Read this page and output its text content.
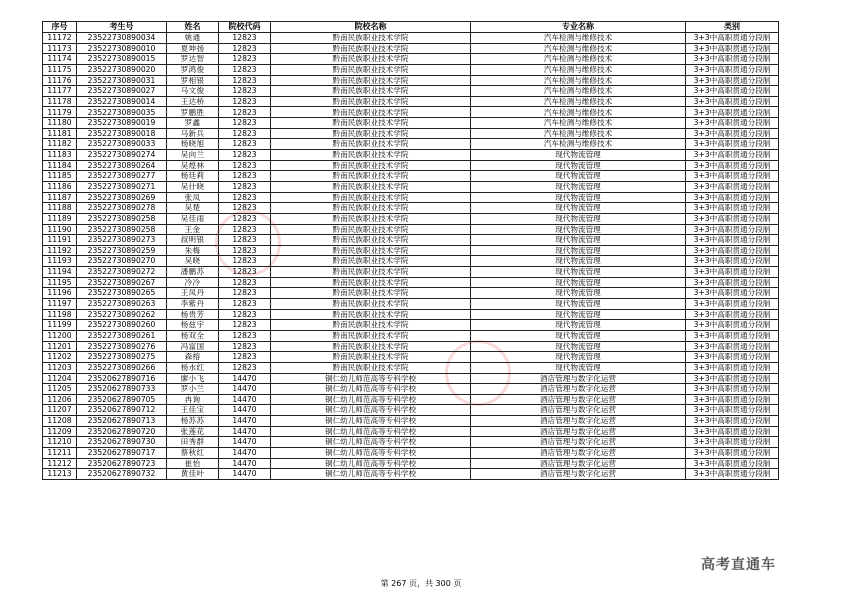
序号	考生号	姓名	院校代码	院校名称	专业名称	类别
11172	23522730890034	姚通	12823	黔南民族职业技术学院	汽车检测与维修技术	3+3中高职贯通分段制
11173	23522730890010	夏坤扬	12823	黔南民族职业技术学院	汽车检测与维修技术	3+3中高职贯通分段制
11174	23522730890015	罗达智	12823	黔南民族职业技术学院	汽车检测与维修技术	3+3中高职贯通分段制
11175	23522730890020	罗鸿俊	12823	黔南民族职业技术学院	汽车检测与维修技术	3+3中高职贯通分段制
11176	23522730890031	罗相银	12823	黔南民族职业技术学院	汽车检测与维修技术	3+3中高职贯通分段制
11177	23522730890027	马文俊	12823	黔南民族职业技术学院	汽车检测与维修技术	3+3中高职贯通分段制
11178	23522730890014	王达桥	12823	黔南民族职业技术学院	汽车检测与维修技术	3+3中高职贯通分段制
11179	23522730890035	罗鹏胜	12823	黔南民族职业技术学院	汽车检测与维修技术	3+3中高职贯通分段制
11180	23522730890019	罗鑫	12823	黔南民族职业技术学院	汽车检测与维修技术	3+3中高职贯通分段制
11181	23522730890018	马新兵	12823	黔南民族职业技术学院	汽车检测与维修技术	3+3中高职贯通分段制
11182	23522730890033	杨晓旭	12823	黔南民族职业技术学院	汽车检测与维修技术	3+3中高职贯通分段制
11183	23522730890274	吴向兰	12823	黔南民族职业技术学院	现代物流管理	3+3中高职贯通分段制
11184	23522730890264	吴煌林	12823	黔南民族职业技术学院	现代物流管理	3+3中高职贯通分段制
11185	23522730890277	杨廷莉	12823	黔南民族职业技术学院	现代物流管理	3+3中高职贯通分段制
11186	23522730890271	吴什晓	12823	黔南民族职业技术学院	现代物流管理	3+3中高职贯通分段制
11187	23522730890269	张凤	12823	黔南民族职业技术学院	现代物流管理	3+3中高职贯通分段制
11188	23522730890278	吴楚	12823	黔南民族职业技术学院	现代物流管理	3+3中高职贯通分段制
11189	23522730890258	吴佳雨	12823	黔南民族职业技术学院	现代物流管理	3+3中高职贯通分段制
11190	23522730890258	王金	12823	黔南民族职业技术学院	现代物流管理	3+3中高职贯通分段制
11191	23522730890273	叔明银	12823	黔南民族职业技术学院	现代物流管理	3+3中高职贯通分段制
11192	23522730890259	朱梅	12823	黔南民族职业技术学院	现代物流管理	3+3中高职贯通分段制
11193	23522730890270	吴晓	12823	黔南民族职业技术学院	现代物流管理	3+3中高职贯通分段制
11194	23522730890272	潘鹏苏	12823	黔南民族职业技术学院	现代物流管理	3+3中高职贯通分段制
11195	23522730890267	冷冷	12823	黔南民族职业技术学院	现代物流管理	3+3中高职贯通分段制
11196	23522730890265	王凤丹	12823	黔南民族职业技术学院	现代物流管理	3+3中高职贯通分段制
11197	23522730890263	李紫丹	12823	黔南民族职业技术学院	现代物流管理	3+3中高职贯通分段制
11198	23522730890262	杨贵芳	12823	黔南民族职业技术学院	现代物流管理	3+3中高职贯通分段制
11199	23522730890260	杨兹宇	12823	黔南民族职业技术学院	现代物流管理	3+3中高职贯通分段制
11200	23522730890261	杨双全	12823	黔南民族职业技术学院	现代物流管理	3+3中高职贯通分段制
11201	23522730890276	冯富国	12823	黔南民族职业技术学院	现代物流管理	3+3中高职贯通分段制
11202	23522730890275	森榕	12823	黔南民族职业技术学院	现代物流管理	3+3中高职贯通分段制
11203	23522730890266	杨水红	12823	黔南民族职业技术学院	现代物流管理	3+3中高职贯通分段制
11204	23520627890716	廖小飞	14470	铜仁幼儿师范高等专科学校	酒店管理与数字化运营	3+3中高职贯通分段制
11205	23520627890733	罗小兰	14470	铜仁幼儿师范高等专科学校	酒店管理与数字化运营	3+3中高职贯通分段制
11206	23520627890705	冉询	14470	铜仁幼儿师范高等专科学校	酒店管理与数字化运营	3+3中高职贯通分段制
11207	23520627890712	王佳宝	14470	铜仁幼儿师范高等专科学校	酒店管理与数字化运营	3+3中高职贯通分段制
11208	23520627890713	杨苏苏	14470	铜仁幼儿师范高等专科学校	酒店管理与数字化运营	3+3中高职贯通分段制
11209	23520627890720	张莲花	14470	铜仁幼儿师范高等专科学校	酒店管理与数字化运营	3+3中高职贯通分段制
11210	23520627890730	田秀群	14470	铜仁幼儿师范高等专科学校	酒店管理与数字化运营	3+3中高职贯通分段制
11211	23520627890717	蔡秋红	14470	铜仁幼儿师范高等专科学校	酒店管理与数字化运营	3+3中高职贯通分段制
11212	23520627890723	崔怡	14470	铜仁幼儿师范高等专科学校	酒店管理与数字化运营	3+3中高职贯通分段制
11213	23520627890732	黄佳叶	14470	铜仁幼儿师范高等专科学校	酒店管理与数字化运营	3+3中高职贯通分段制
第 267 页，共 300 页
高考直通车
